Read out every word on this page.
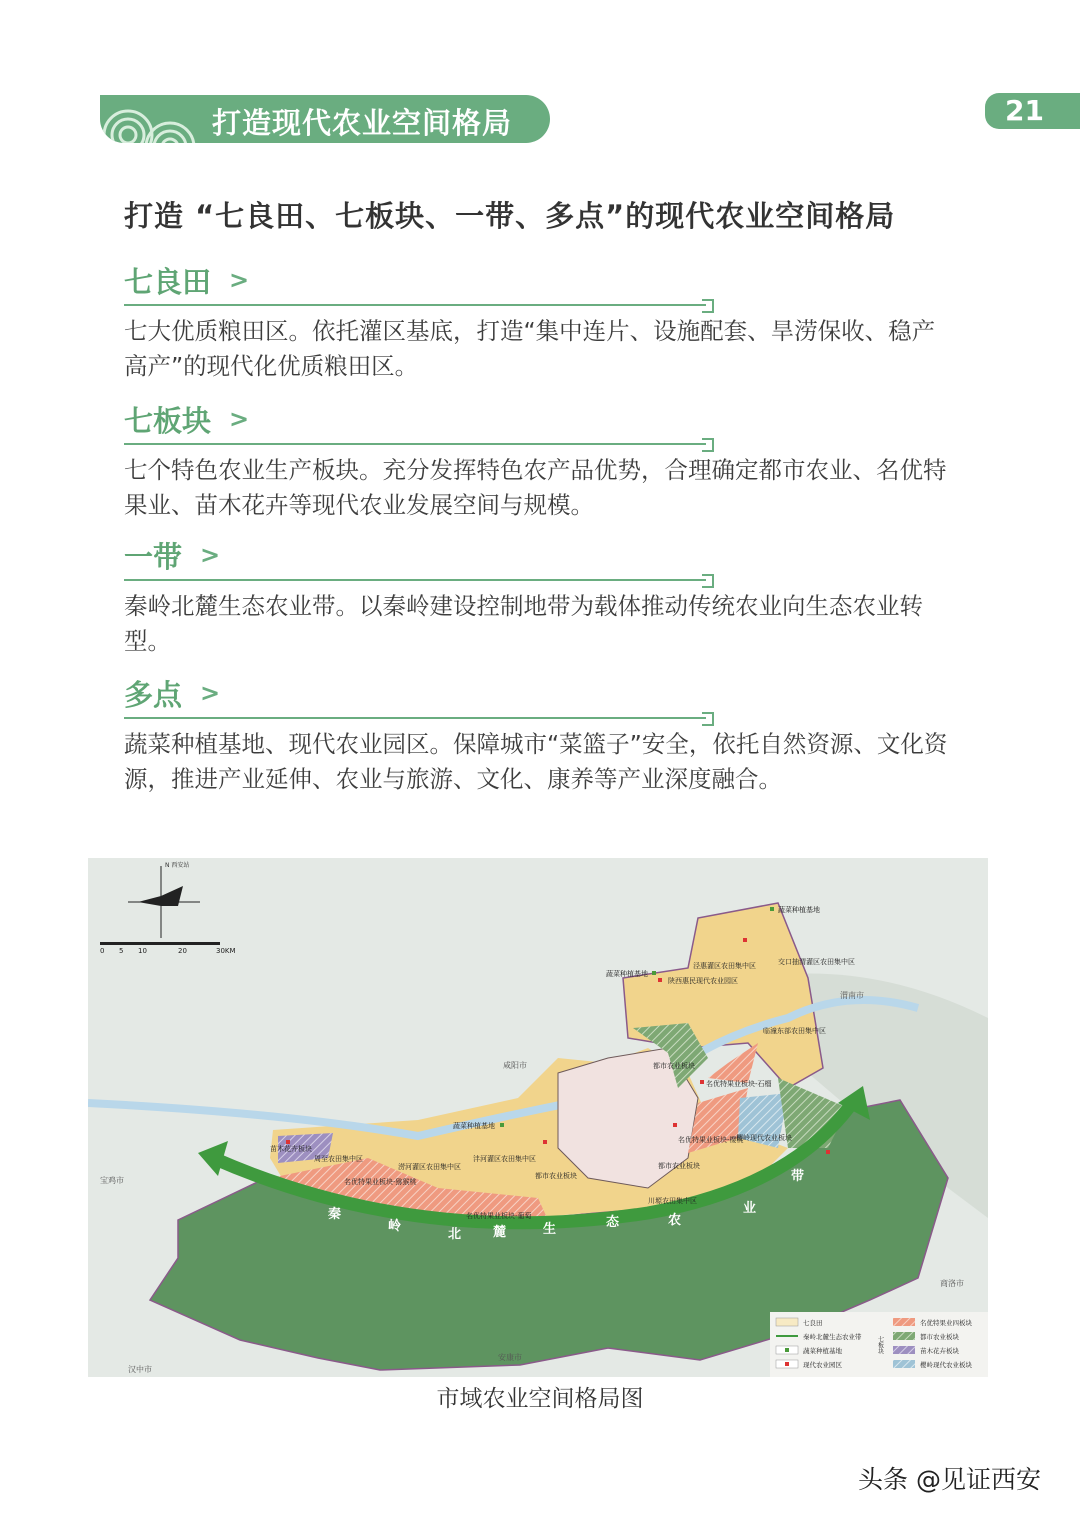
打造现代农业空间格局	21
打造 “七良田、七板块、一带、多点”的现代农业空间格局
七良田 >
七大优质粮田区。依托灌区基底，打造“集中连片、设施配套、旱涝保收、稳产高产”的现代化优质粮田区。
七板块 >
七个特色农业生产板块。充分发挥特色农产品优势，合理确定都市农业、名优特果业、苗木花卉等现代农业发展空间与规模。
一带 >
秦岭北麓生态农业带。以秦岭建设控制地带为载体推动传统农业向生态农业转型。
多点 >
蔬菜种植基地、现代农业园区。保障城市“菜篮子”安全，依托自然资源、文化资源，推进产业延伸、农业与旅游、文化、康养等产业深度融合。
秦
岭
北 麓	生	态	农
业
带
N 西安站
0 5 10	20	30KM
咸阳市
宝鸡市
渭南市
商洛市
汉中市
安康市
蔬菜种植基地
泾惠灌区农田集中区	交口抽渭灌区农田集中区
蔬菜种植基地
陕西惠民现代农业园区
临潼东部农田集中区
都市农业板块
名优特果业板块-石榴
名优特果业板块-樱桃
樱岭现代农业板块
都市农业板块
川塬农田集中区
蔬菜种植基地
涝河灌区农田集中区
沣河灌区农田集中区
周至农田集中区
苗木花卉板块
名优特果业板块-猕猴桃
名优特果业板块-葡萄
都市农业板块
七良田
秦岭北麓生态农业带
蔬菜种植基地
现代农业园区
七板块
名优特果业四板块
都市农业板块
苗木花卉板块
樱岭现代农业板块
市域农业空间格局图
头条 @见证西安
